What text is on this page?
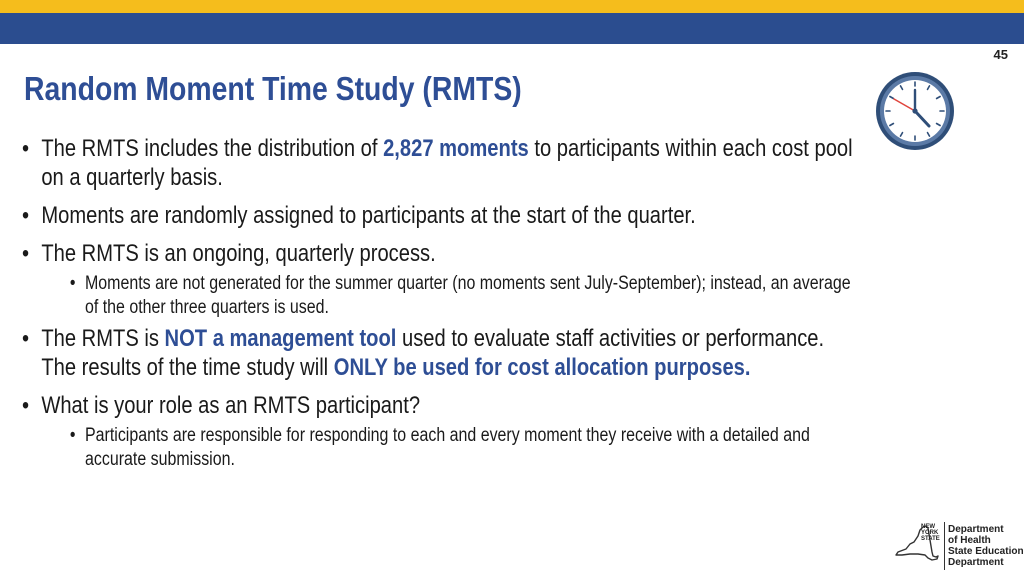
45
Random Moment Time Study (RMTS)
• The RMTS includes the distribution of 2,827 moments to participants within each cost pool on a quarterly basis.
• Moments are randomly assigned to participants at the start of the quarter.
• The RMTS is an ongoing, quarterly process.
• Moments are not generated for the summer quarter (no moments sent July-September); instead, an average of the other three quarters is used.
• The RMTS is NOT a management tool used to evaluate staff activities or performance. The results of the time study will ONLY be used for cost allocation purposes.
• What is your role as an RMTS participant?
• Participants are responsible for responding to each and every moment they receive with a detailed and accurate submission.
NEW
YORK
STATE
Department
of Health
State Education
Department
